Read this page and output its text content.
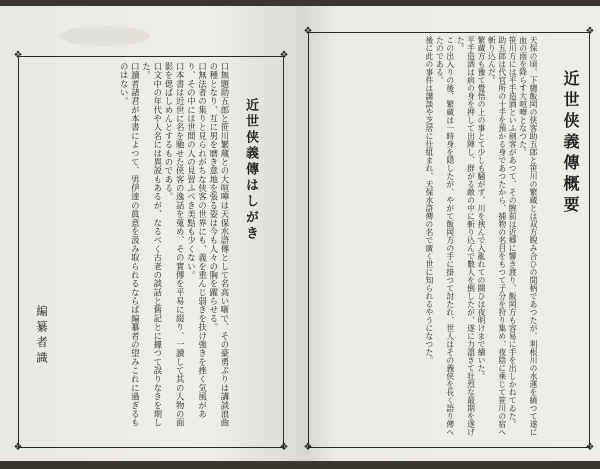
❖	❖
❖	❖
❖	❖
❖	❖
近世侠義傳はしがき
口無題助五郎と笹川繁蔵との大喧嘩は天保水滸傳として名高い噺で、その豪勇ぶりは講談浪曲の種となり、互に男を磨き意地を張る姿は今も人々の胸を躍らせる。
口無法者の集りと見られがちな侠客の世界にも、義を重んじ弱きを扶け強きを挫く気風があり、その中には世間の人の見習ふべき美點も少くない。
口本書は近世に名を馳せた侠客の逸話を蒐め、その實傳を平易に綴り、一讀して其の人物の面影を偲ばしめんとするものである。
口文中の年代や人名には異説もあるが、なるべく古老の談話と舊記とに據つて誤りなきを期した。
口讀者諸君が本書によつて、男伊達の眞意を汲み取られるならば編纂者の望みこれに過ぎるものはない。
編纂者識
近世侠義傳概要
天保の頃、下總飯岡の侠客助五郎と笹川の繁蔵とは双方睨み合ひの間柄であつたが、利根川の水運を繞つて遂に血の雨を降らす大喧嘩となつた。
笹川方には平手造酒といふ劍客があつて、その腕前は近郷に響き渡り、飯岡方も容易に手を出しかねてゐた。
助五郎は代官所の十手を預かる身であつたから、捕物の名目をもつて子分を狩り集め、夜陰に乘じて笹川の宿へ斬り込んだ。
繁蔵方も豫て覺悟の上の事とて少しも騒がず、川を挾んで入亂れての鬪ひは夜明けまで續いた。
平手造酒は病の身を押して出陣し、群がる敵の中に斬り込んで數人を倒したが、遂に力盡きて壮烈な最期を遂げた。
この出入りの後、繁蔵は一時身を隠したが、やがて飯岡方の手に掛つて討たれ、世人はその義侠を長く語り傳へたのである。
後に此の事件は講談や芝居に仕組まれ、天保水滸傳の名で廣く世に知られるやうになつた。
